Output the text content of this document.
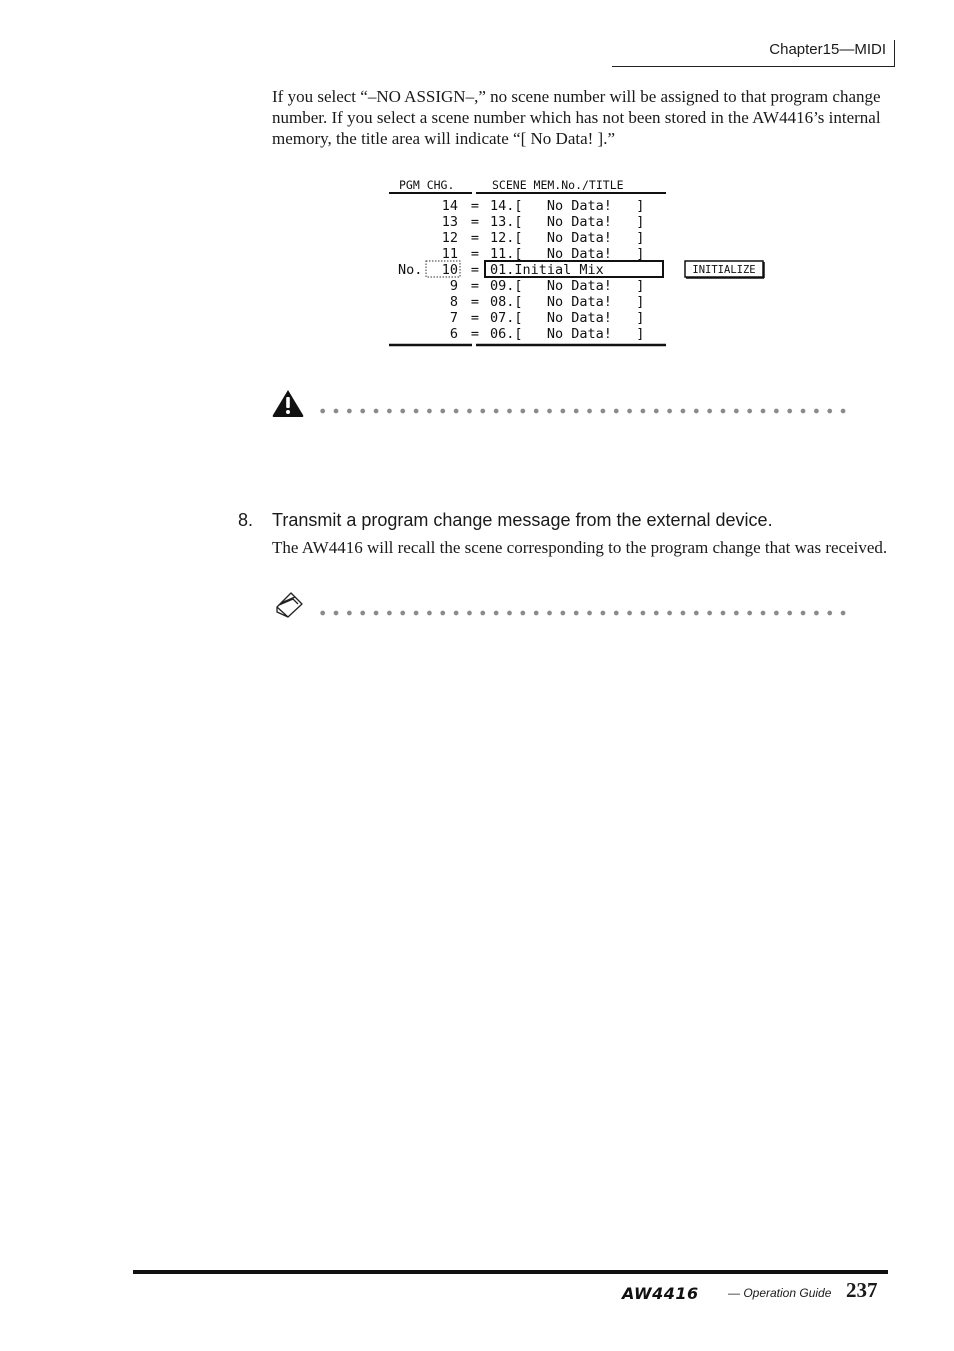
Chapter15—MIDI
If you select “–NO ASSIGN–,” no scene number will be assigned to that program change number. If you select a scene number which has not been stored in the AW4416’s internal memory, the title area will indicate “[ No Data! ].”
PGM CHG.	SCENE MEM.No./TITLE
14 = 14.[   No Data!   ]
13 = 13.[   No Data!   ]
12 = 12.[   No Data!   ]
11 = 11.[   No Data!   ]
No. 10 = 01.Initial Mix
9 = 09.[   No Data!   ]
8 = 08.[   No Data!   ]
7 = 07.[   No Data!   ]
6 = 06.[   No Data!   ]
INITIALIZE
8. Transmit a program change message from the external device.
The AW4416 will recall the scene corresponding to the program change that was received.
AW4416 — Operation Guide 237
